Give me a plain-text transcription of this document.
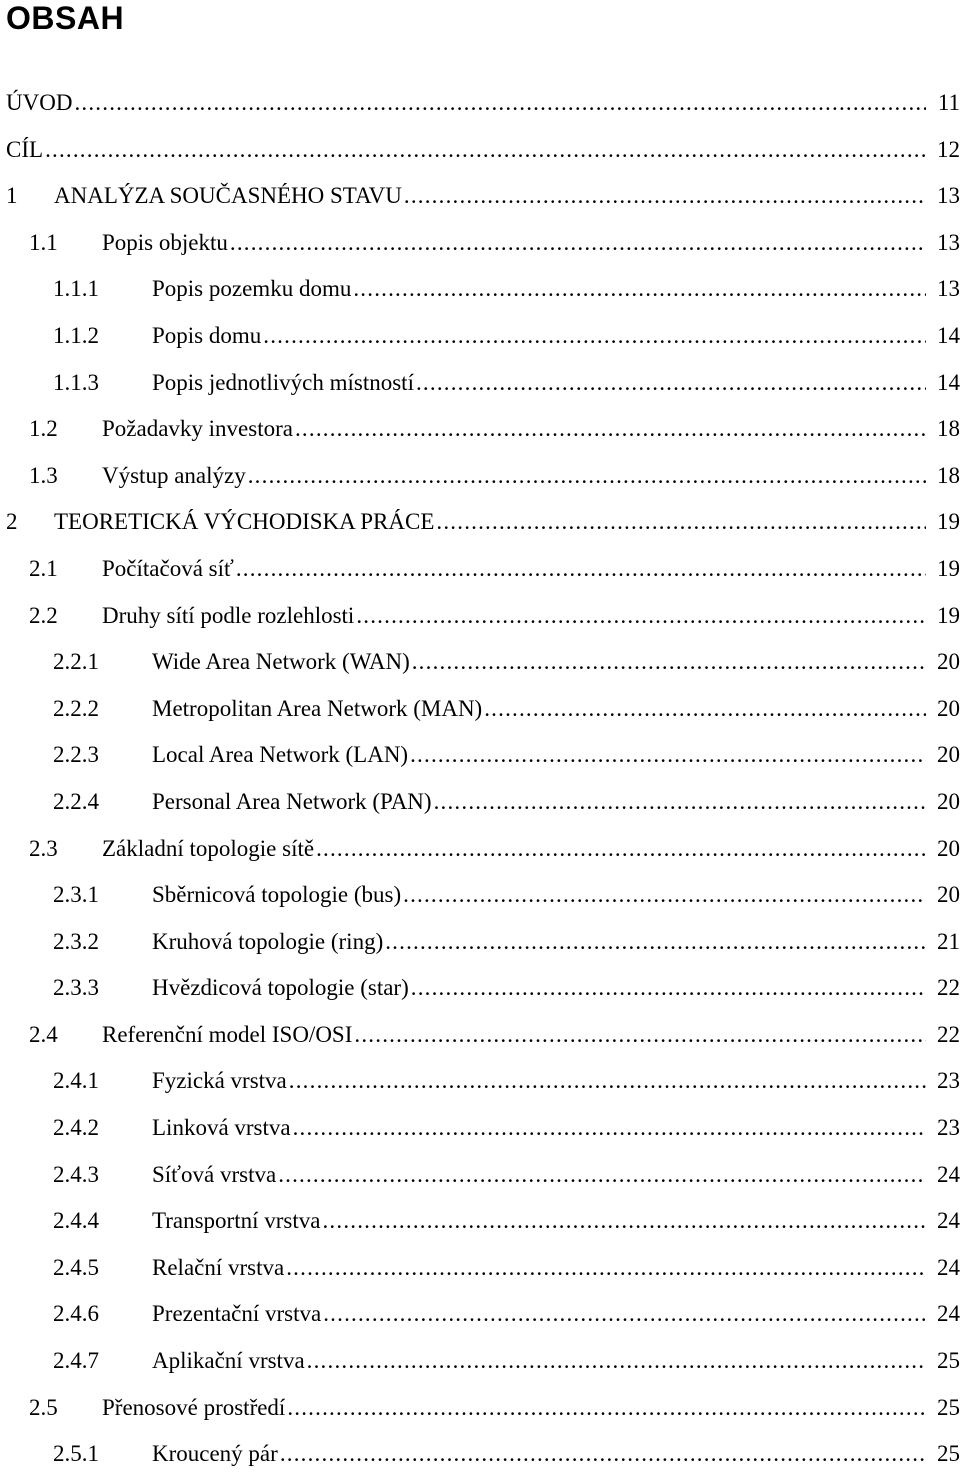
OBSAH
ÚVOD .....	11
CÍL .....	12
1	ANALÝZA SOUČASNÉHO STAVU .....	13
1.1	Popis objektu .....	13
1.1.1	Popis pozemku domu .....	13
1.1.2	Popis domu .....	14
1.1.3	Popis jednotlivých místností .....	14
1.2	Požadavky investora .....	18
1.3	Výstup analýzy .....	18
2	TEORETICKÁ VÝCHODISKA PRÁCE .....	19
2.1	Počítačová síť .....	19
2.2	Druhy sítí podle rozlehlosti .....	19
2.2.1	Wide Area Network (WAN) .....	20
2.2.2	Metropolitan Area Network (MAN) .....	20
2.2.3	Local Area Network (LAN) .....	20
2.2.4	Personal Area Network (PAN) .....	20
2.3	Základní topologie sítě .....	20
2.3.1	Sběrnicová topologie (bus) .....	20
2.3.2	Kruhová topologie (ring) .....	21
2.3.3	Hvězdicová topologie (star) .....	22
2.4	Referenční model ISO/OSI .....	22
2.4.1	Fyzická vrstva .....	23
2.4.2	Linková vrstva .....	23
2.4.3	Síťová vrstva .....	24
2.4.4	Transportní vrstva .....	24
2.4.5	Relační vrstva .....	24
2.4.6	Prezentační vrstva .....	24
2.4.7	Aplikační vrstva .....	25
2.5	Přenosové prostředí .....	25
2.5.1	Kroucený pár .....	25
